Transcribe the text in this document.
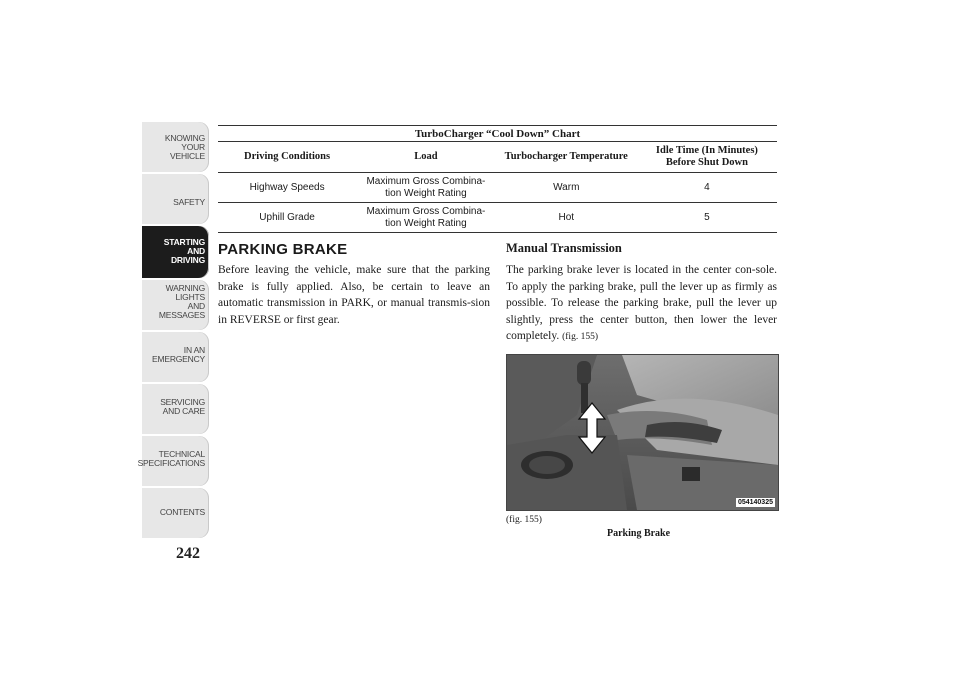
KNOWING
YOUR
VEHICLE
SAFETY
STARTING
AND
DRIVING
WARNING
LIGHTS
AND
MESSAGES
IN AN
EMERGENCY
SERVICING
AND CARE
TECHNICAL
SPECIFICATIONS
CONTENTS
242
TurboCharger “Cool Down” Chart			
Driving Conditions	Load	Turbocharger Temperature	Idle Time (In Minutes) Before Shut Down
Highway Speeds	Maximum Gross Combina-tion Weight Rating	Warm	4
Uphill Grade	Maximum Gross Combina-tion Weight Rating	Hot	5
PARKING BRAKE
Before leaving the vehicle, make sure that the parking brake is fully applied. Also, be certain to leave an automatic transmission in PARK, or manual transmis-sion in REVERSE or first gear.
Manual Transmission
The parking brake lever is located in the center con-sole. To apply the parking brake, pull the lever up as firmly as possible. To release the parking brake, pull the lever up slightly, press the center button, then lower the lever completely. (fig. 155)
054140325
(fig. 155)
Parking Brake
